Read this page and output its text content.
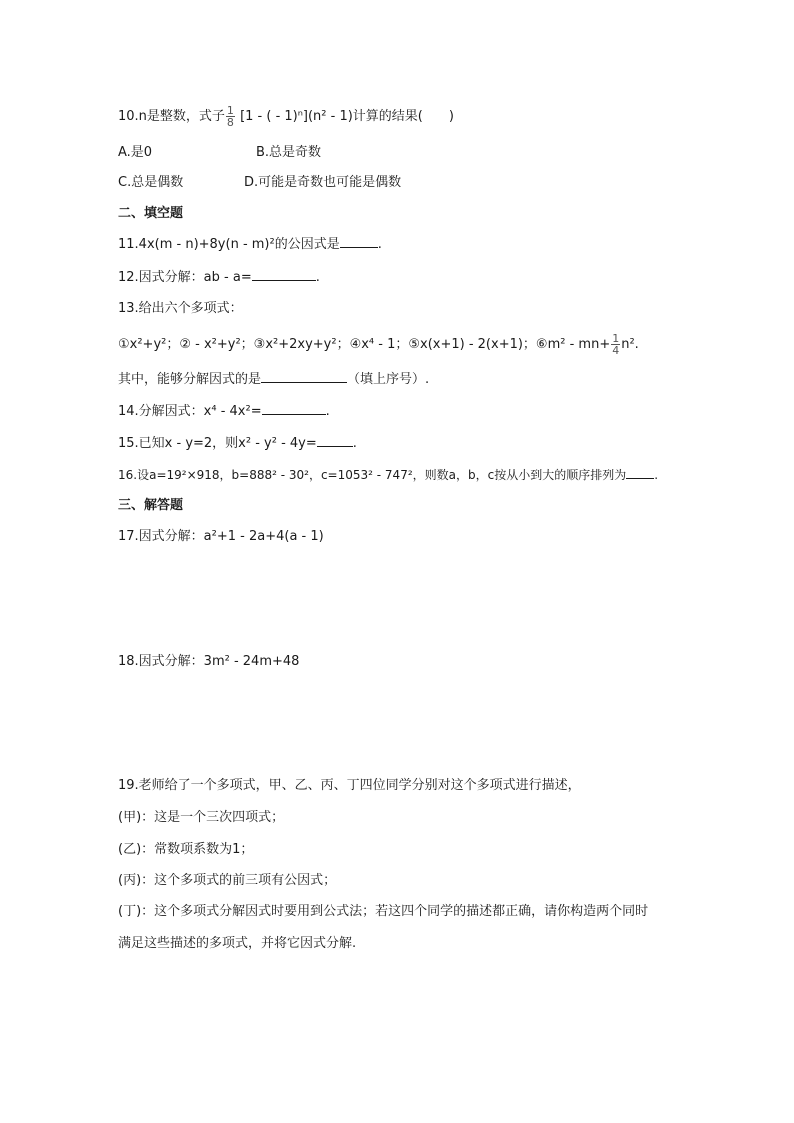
10.n是整数，式子 $\frac{1}{8} [1$ - ( - 1)ⁿ](n² - 1)计算的结果(　　)
A.是0	B.总是奇数
C.总是偶数	D.可能是奇数也可能是偶数
二、填空题
11.4x(m - n)+8y(n - m)²的公因式是	.
12.因式分解：ab - a=	.
13.给出六个多项式：
①x²+y²；② - x²+y²；③x²+2xy+y²；④x⁴ - 1；⑤x(x+1) - 2(x+1)；⑥m² - $mn+ \frac{1}{4} n^2$.
其中，能够分解因式的是	（填上序号）.
14.分解因式：x⁴ - 4x²=	.
15.已知x - y=2，则x² - y² - 4y=	.
16.设a=19²×918，b=888² - 30²，c=1053² - 747²，则数a，b，c按从小到大的顺序排列为 .
三、解答题
17.因式分解：a²+1 - 2a+4(a - 1)
18.因式分解：3m² - 24m+48
19.老师给了一个多项式，甲、乙、丙、丁四位同学分别对这个多项式进行描述，
(甲)：这是一个三次四项式；
(乙)：常数项系数为1；
(丙)：这个多项式的前三项有公因式；
(丁)：这个多项式分解因式时要用到公式法；若这四个同学的描述都正确，请你构造两个同时
满足这些描述的多项式，并将它因式分解.
